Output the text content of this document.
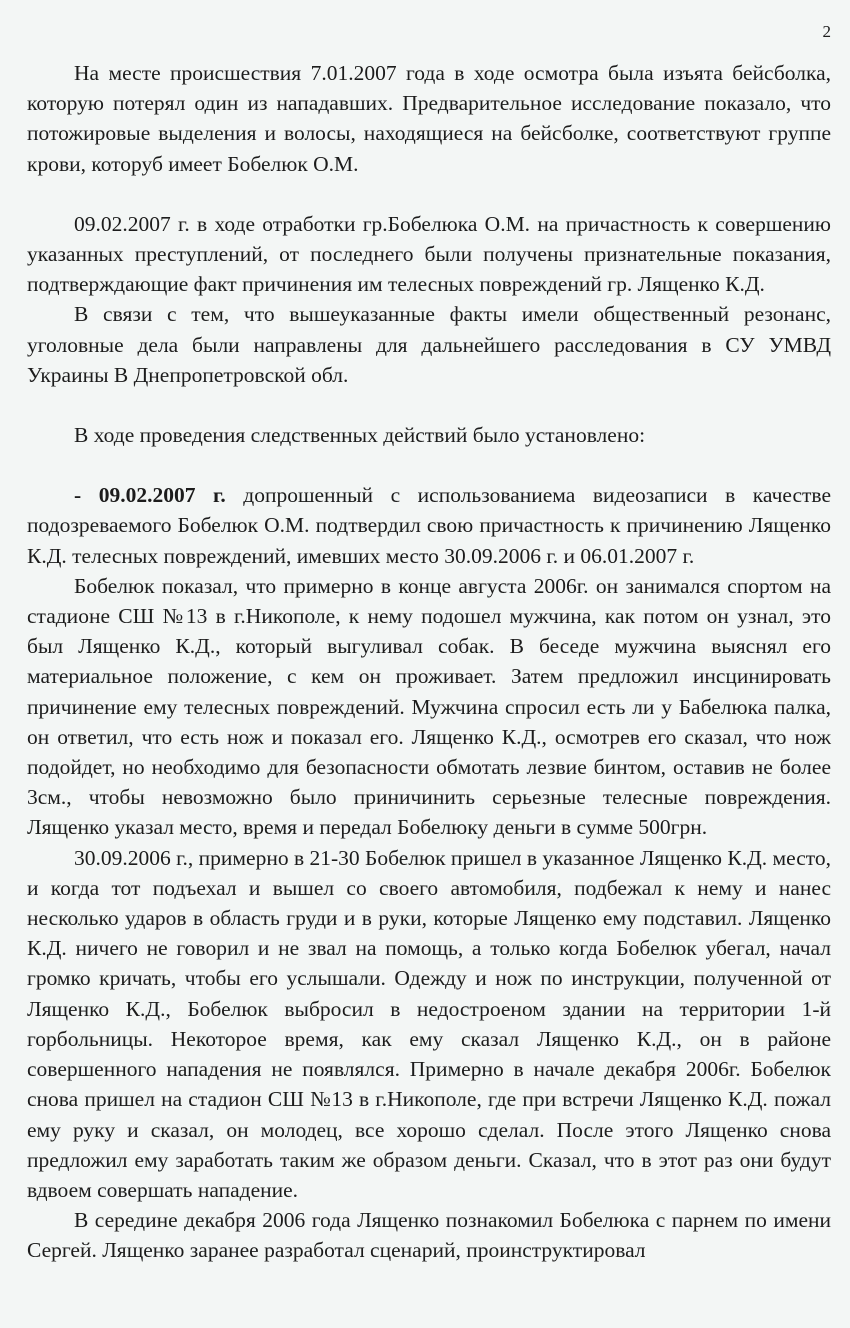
2

На месте происшествия 7.01.2007 года в ходе осмотра была изъята бейсболка, которую потерял один из нападавших. Предварительное исследование показало, что потожировые выделения и волосы, находящиеся на бейсболке, соответствуют группе крови, которуб имеет Бобелюк О.М.

09.02.2007 г. в ходе отработки гр.Бобелюка О.М. на причастность к совершению указанных преступлений, от последнего были получены признательные показания, подтверждающие факт причинения им телесных повреждений гр. Лященко К.Д.

В связи с тем, что вышеуказанные факты имели общественный резонанс, уголовные дела были направлены для дальнейшего расследования в СУ УМВД Украины В Днепропетровской обл.

В ходе проведения следственных действий было установлено:

- 09.02.2007 г. допрошенный с использованиема видеозаписи в качестве подозреваемого Бобелюк О.М. подтвердил свою причастность к причинению Лященко К.Д. телесных повреждений, имевших место 30.09.2006 г. и 06.01.2007 г.

Бобелюк показал, что примерно в конце августа 2006г. он занимался спортом на стадионе СШ №13 в г.Никополе, к нему подошел мужчина, как потом он узнал, это был Лященко К.Д., который выгуливал собак. В беседе мужчина выяснял его материальное положение, с кем он проживает. Затем предложил инсцинировать причинение ему телесных повреждений. Мужчина спросил есть ли у Бабелюка палка, он ответил, что есть нож и показал его. Лященко К.Д., осмотрев его сказал, что нож подойдет, но необходимо для безопасности обмотать лезвие бинтом, оставив не более 3см., чтобы невозможно было приничинить серьезные телесные повреждения. Лященко указал место, время и передал Бобелюку деньги в сумме 500грн.

30.09.2006 г., примерно в 21-30 Бобелюк пришел в указанное Лященко К.Д. место, и когда тот подъехал и вышел со своего автомобиля, подбежал к нему и нанес несколько ударов в область груди и в руки, которые Лященко ему подставил. Лященко К.Д. ничего не говорил и не звал на помощь, а только когда Бобелюк убегал, начал громко кричать, чтобы его услышали. Одежду и нож по инструкции, полученной от Лященко К.Д., Бобелюк выбросил в недостроеном здании на территории 1-й горбольницы. Некоторое время, как ему сказал Лященко К.Д., он в районе совершенного нападения не появлялся. Примерно в начале декабря 2006г. Бобелюк снова пришел на стадион СШ №13 в г.Никополе, где при встречи Лященко К.Д. пожал ему руку и сказал, он молодец, все хорошо сделал. После этого Лященко снова предложил ему заработать таким же образом деньги. Сказал, что в этот раз они будут вдвоем совершать нападение.

В середине декабря 2006 года Лященко познакомил Бобелюка с парнем по имени Сергей. Лященко заранее разработал сценарий, проинструктировал
